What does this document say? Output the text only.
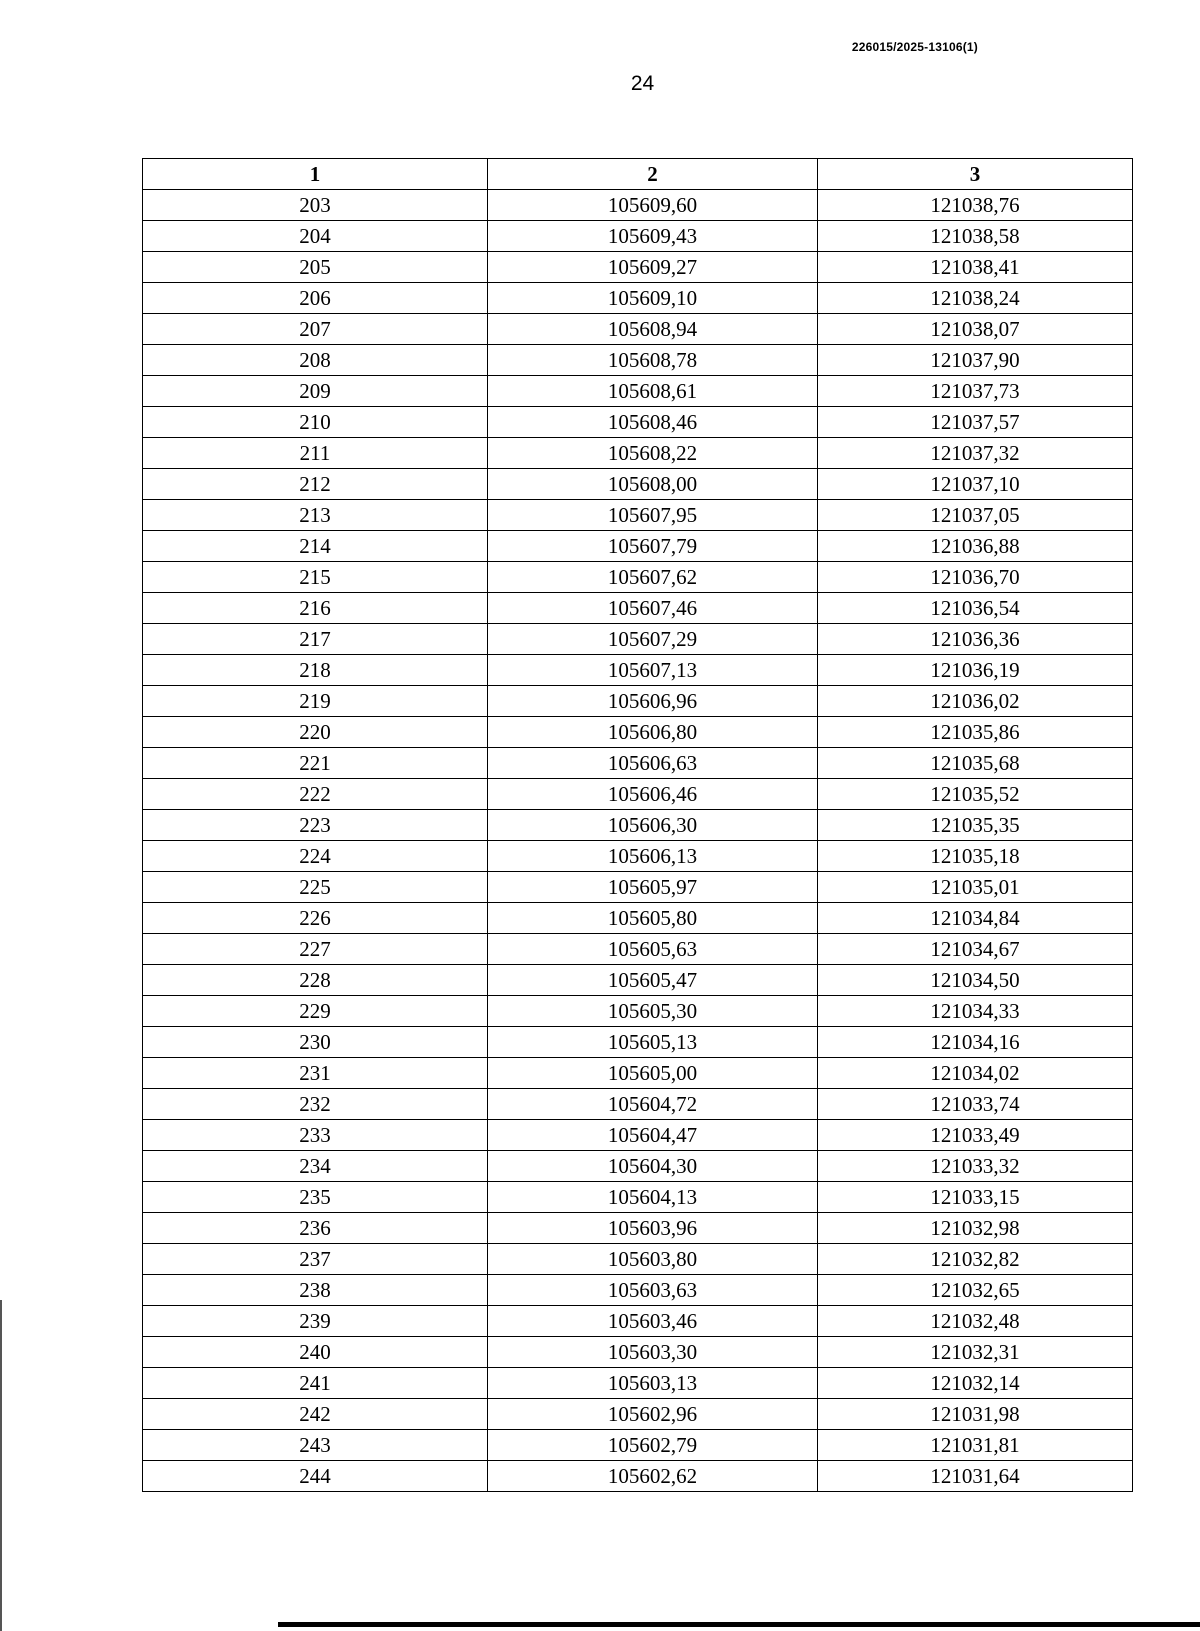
226015/2025-13106(1)
24
1	2	3
203	105609,60	121038,76
204	105609,43	121038,58
205	105609,27	121038,41
206	105609,10	121038,24
207	105608,94	121038,07
208	105608,78	121037,90
209	105608,61	121037,73
210	105608,46	121037,57
211	105608,22	121037,32
212	105608,00	121037,10
213	105607,95	121037,05
214	105607,79	121036,88
215	105607,62	121036,70
216	105607,46	121036,54
217	105607,29	121036,36
218	105607,13	121036,19
219	105606,96	121036,02
220	105606,80	121035,86
221	105606,63	121035,68
222	105606,46	121035,52
223	105606,30	121035,35
224	105606,13	121035,18
225	105605,97	121035,01
226	105605,80	121034,84
227	105605,63	121034,67
228	105605,47	121034,50
229	105605,30	121034,33
230	105605,13	121034,16
231	105605,00	121034,02
232	105604,72	121033,74
233	105604,47	121033,49
234	105604,30	121033,32
235	105604,13	121033,15
236	105603,96	121032,98
237	105603,80	121032,82
238	105603,63	121032,65
239	105603,46	121032,48
240	105603,30	121032,31
241	105603,13	121032,14
242	105602,96	121031,98
243	105602,79	121031,81
244	105602,62	121031,64
